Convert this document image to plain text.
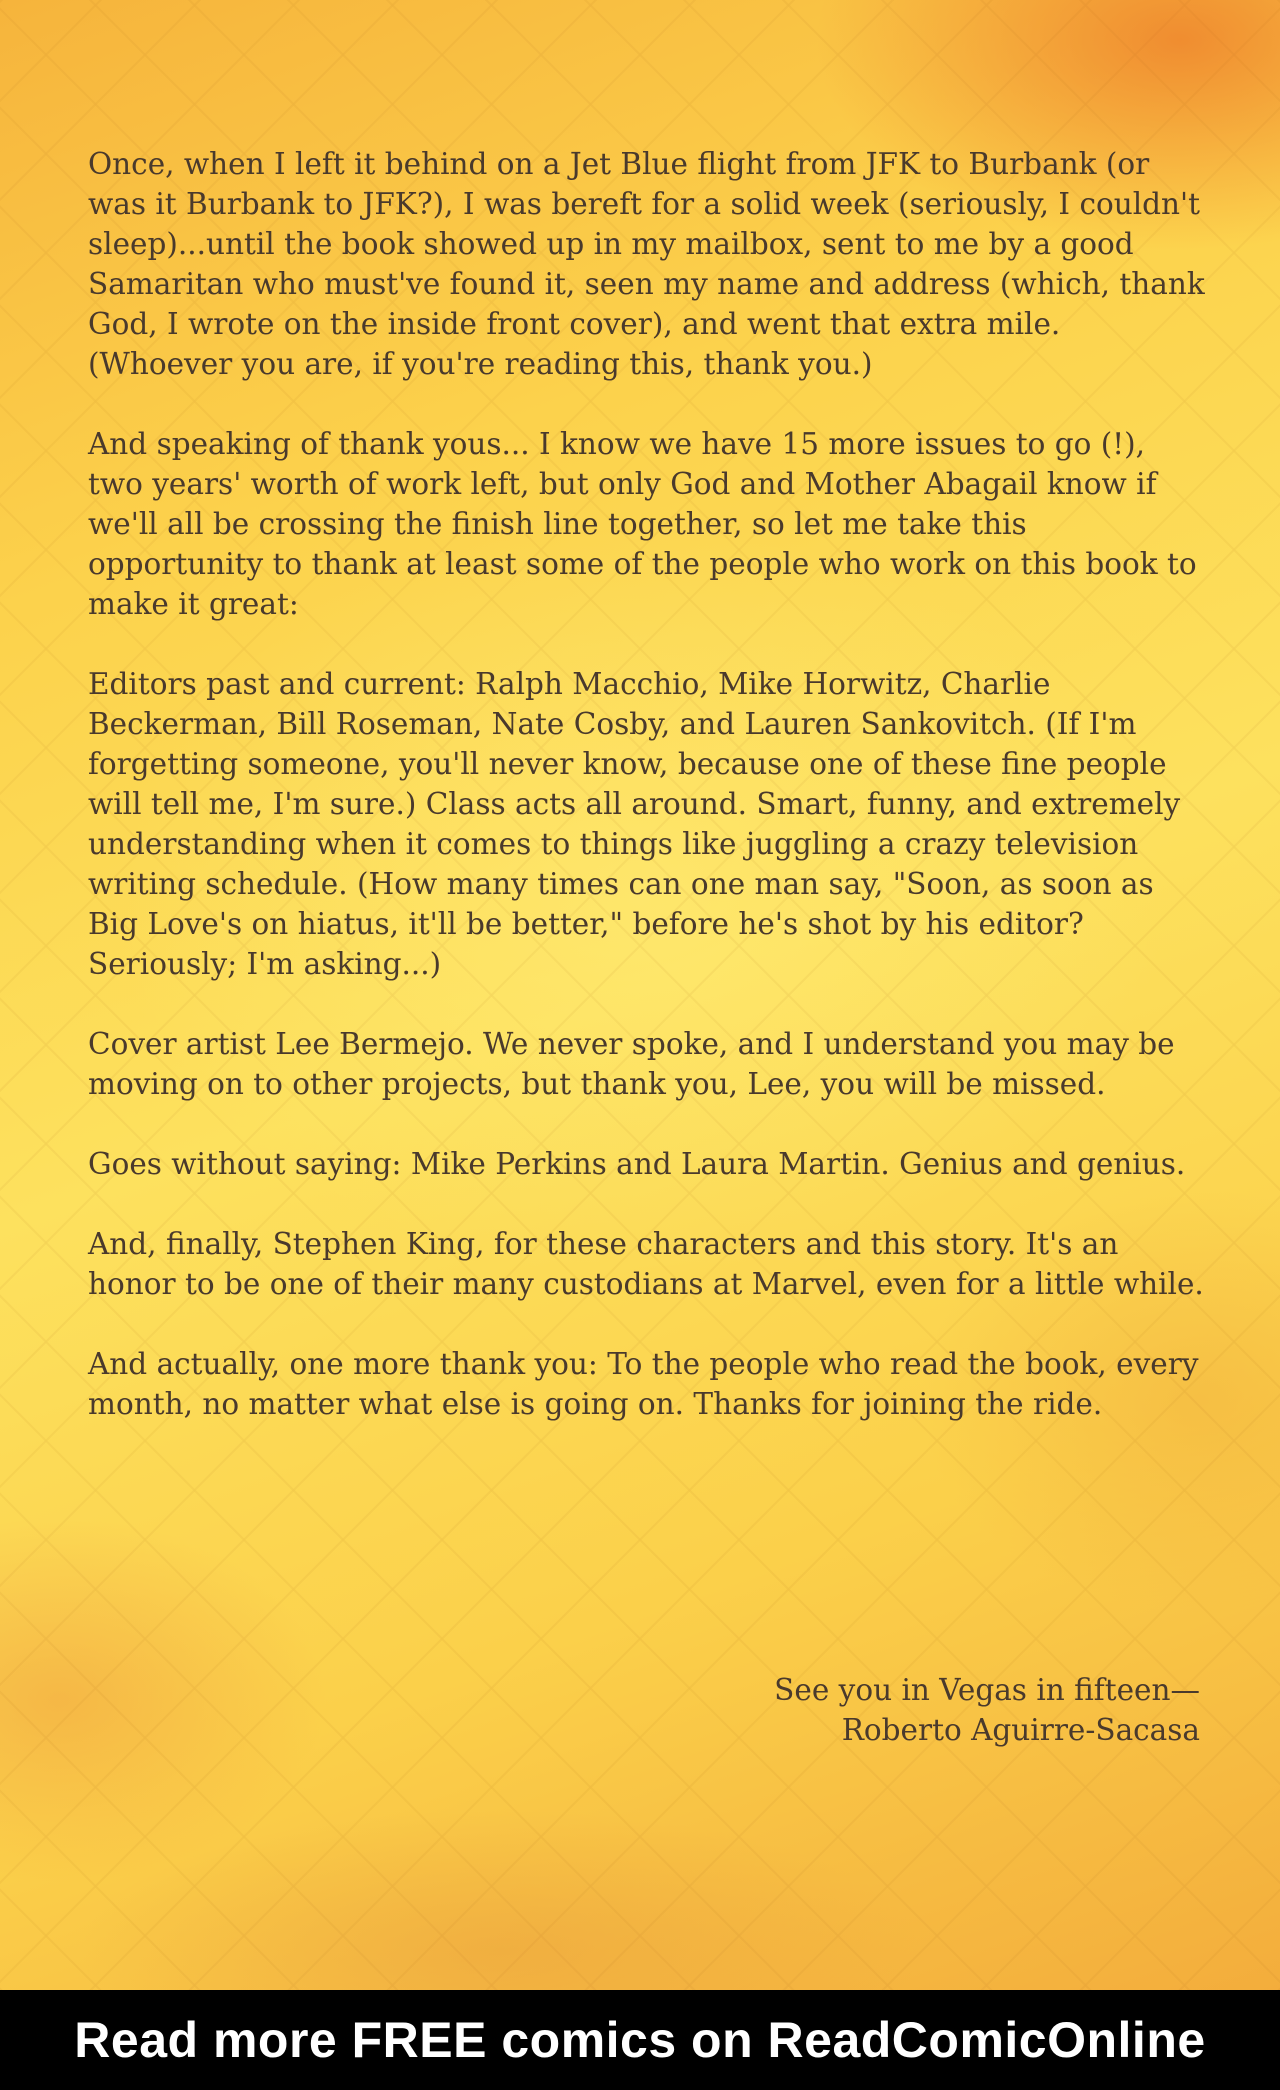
Once, when I left it behind on a Jet Blue flight from JFK to Burbank (or was it Burbank to JFK?), I was bereft for a solid week (seriously, I couldn't sleep)...until the book showed up in my mailbox, sent to me by a good Samaritan who must've found it, seen my name and address (which, thank God, I wrote on the inside front cover), and went that extra mile. (Whoever you are, if you're reading this, thank you.)

And speaking of thank yous... I know we have 15 more issues to go (!), two years' worth of work left, but only God and Mother Abagail know if we'll all be crossing the finish line together, so let me take this opportunity to thank at least some of the people who work on this book to make it great:

Editors past and current: Ralph Macchio, Mike Horwitz, Charlie Beckerman, Bill Roseman, Nate Cosby, and Lauren Sankovitch. (If I'm forgetting someone, you'll never know, because one of these fine people will tell me, I'm sure.) Class acts all around. Smart, funny, and extremely understanding when it comes to things like juggling a crazy television writing schedule. (How many times can one man say, "Soon, as soon as Big Love's on hiatus, it'll be better," before he's shot by his editor? Seriously; I'm asking...)

Cover artist Lee Bermejo. We never spoke, and I understand you may be moving on to other projects, but thank you, Lee, you will be missed.

Goes without saying: Mike Perkins and Laura Martin. Genius and genius.

And, finally, Stephen King, for these characters and this story. It's an honor to be one of their many custodians at Marvel, even for a little while.

And actually, one more thank you: To the people who read the book, every month, no matter what else is going on. Thanks for joining the ride.

See you in Vegas in fifteen—
Roberto Aguirre-Sacasa
Read more FREE comics on ReadComicOnline
